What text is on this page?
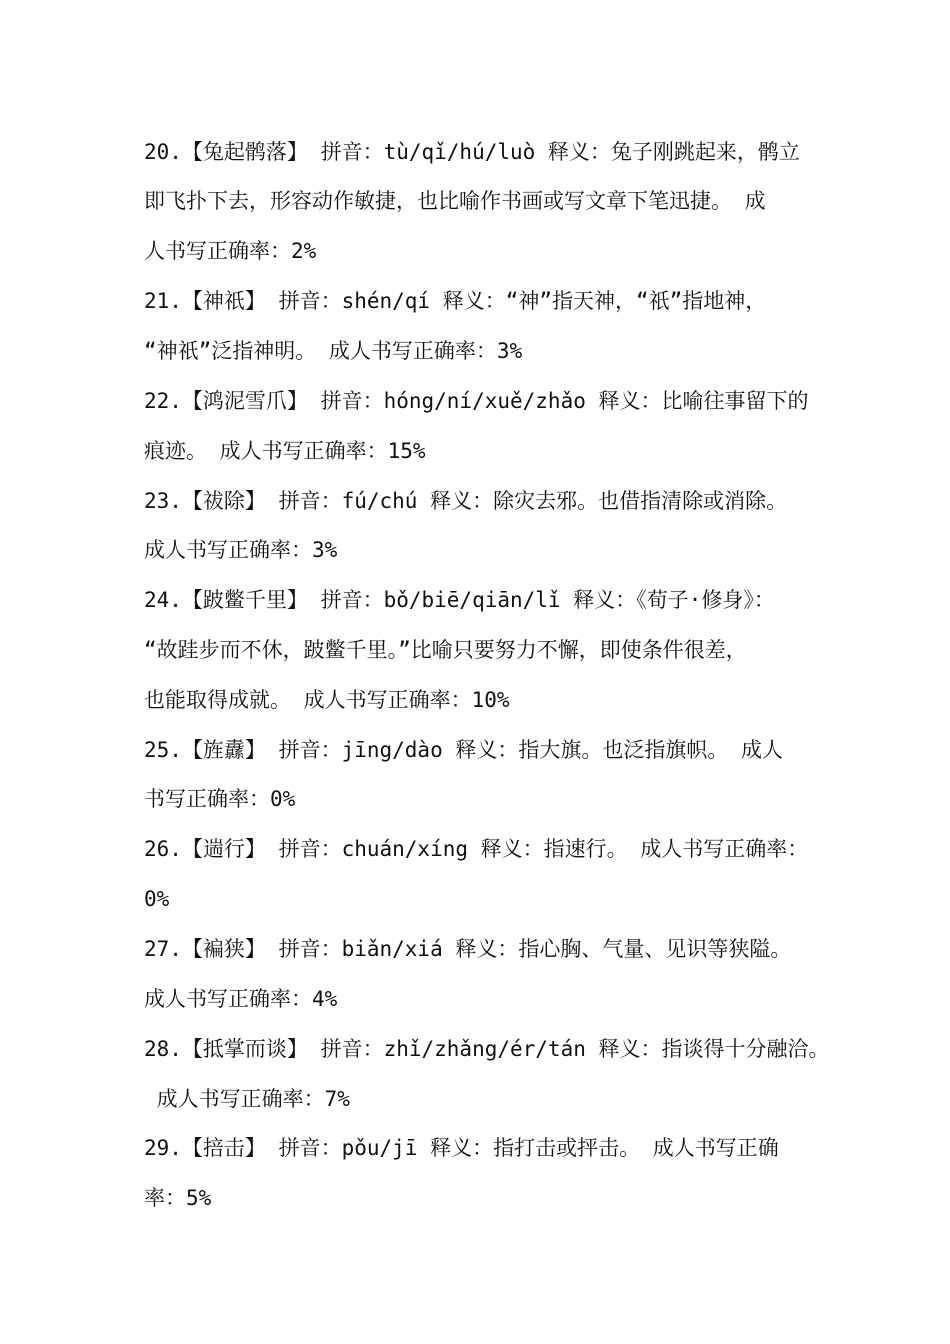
20.【兔起鹘落】 拼音：tù/qǐ/hú/luò 释义：兔子刚跳起来，鹘立
即飞扑下去，形容动作敏捷，也比喻作书画或写文章下笔迅捷。 成
人书写正确率：2%
21.【神祇】 拼音：shén/qí 释义：“神”指天神，“祇”指地神，
“神祇”泛指神明。 成人书写正确率：3%
22.【鸿泥雪爪】 拼音：hóng/ní/xuě/zhǎo 释义：比喻往事留下的
痕迹。 成人书写正确率：15%
23.【祓除】 拼音：fú/chú 释义：除灾去邪。也借指清除或消除。
成人书写正确率：3%
24.【跛鳖千里】 拼音：bǒ/biē/qiān/lǐ 释义：《荀子·修身》：
“故跬步而不休，跛鳖千里。”比喻只要努力不懈，即使条件很差，
也能取得成就。 成人书写正确率：10%
25.【旌纛】 拼音：jīng/dào 释义：指大旗。也泛指旗帜。 成人
书写正确率：0%
26.【遄行】 拼音：chuán/xíng 释义：指速行。 成人书写正确率：
0%
27.【褊狭】 拼音：biǎn/xiá 释义：指心胸、气量、见识等狭隘。
成人书写正确率：4%
28.【抵掌而谈】 拼音：zhǐ/zhǎng/ér/tán 释义：指谈得十分融洽。
成人书写正确率：7%
29.【掊击】 拼音：pǒu/jī 释义：指打击或抨击。 成人书写正确
率：5%
